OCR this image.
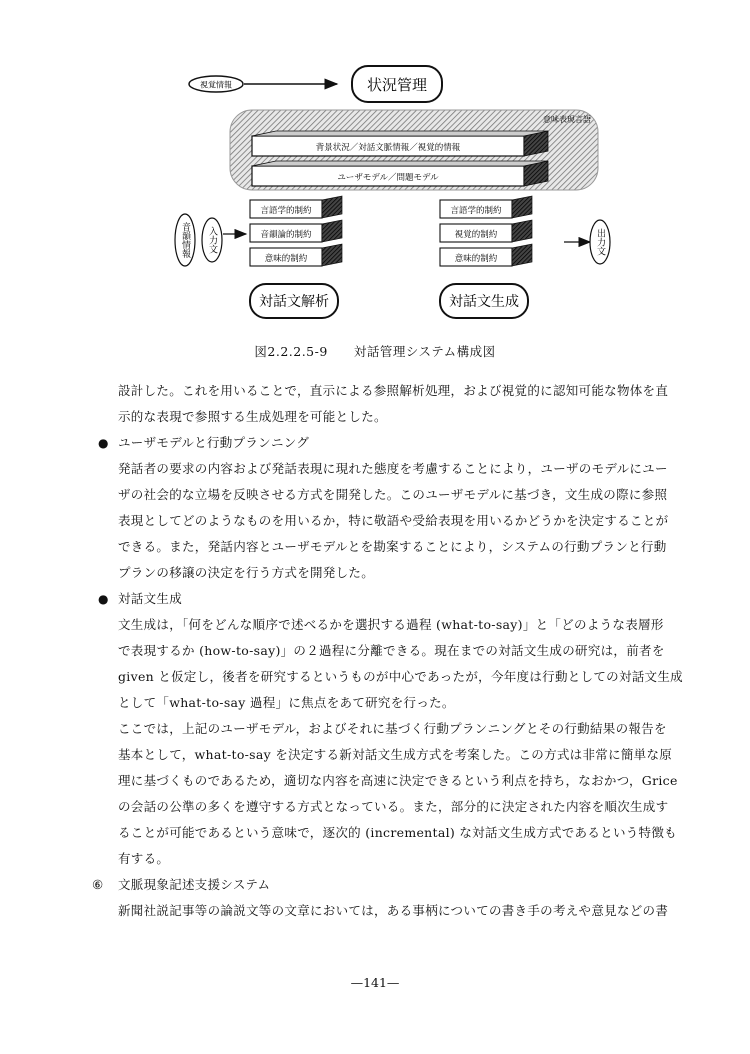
視覚情報	状況管理
意味表現言語
背景状況／対話文脈情報／視覚的情報
ユーザモデル／問題モデル
言語学的制約
音韻論的制約
意味的制約
言語学的制約
視覚的制約
意味的制約
音韻情報 入力文	出力文
対話文解析	対話文生成
図2.2.2.5-9　　対話管理システム構成図

設計した。これを用いることで，直示による参照解析処理，および視覚的に認知可能な物体を直

示的な表現で参照する生成処理を可能とした。

● ユーザモデルと行動プランニング

発話者の要求の内容および発話表現に現れた態度を考慮することにより，ユーザのモデルにユー

ザの社会的な立場を反映させる方式を開発した。このユーザモデルに基づき，文生成の際に参照

表現としてどのようなものを用いるか，特に敬語や受給表現を用いるかどうかを決定することが

できる。また，発話内容とユーザモデルとを勘案することにより，システムの行動プランと行動

プランの移譲の決定を行う方式を開発した。

● 対話文生成

文生成は，「何をどんな順序で述べるかを選択する過程 (what-to-say)」と「どのような表層形

で表現するか (how-to-say)」の２過程に分離できる。現在までの対話文生成の研究は，前者を

given と仮定し，後者を研究するというものが中心であったが，今年度は行動としての対話文生成

として「what-to-say 過程」に焦点をあて研究を行った。

ここでは，上記のユーザモデル，およびそれに基づく行動プランニングとその行動結果の報告を

基本として，what-to-say を決定する新対話文生成方式を考案した。この方式は非常に簡単な原

理に基づくものであるため，適切な内容を高速に決定できるという利点を持ち，なおかつ，Grice

の会話の公準の多くを遵守する方式となっている。また，部分的に決定された内容を順次生成す

ることが可能であるという意味で，逐次的 (incremental) な対話文生成方式であるという特徴も

有する。

⑥ 文脈現象記述支援システム

新聞社説記事等の論説文等の文章においては，ある事柄についての書き手の考えや意見などの書

—141—
